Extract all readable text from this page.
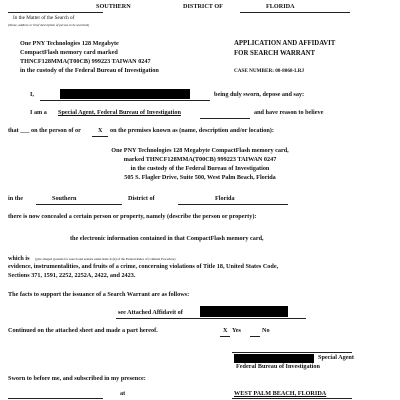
SOUTHERN	DISTRICT OF	FLORIDA
In the Matter of the Search of
(Name, address or brief description of person to be searched)
One PNY Technologies 128 Megabyte
CompactFlash memory card marked
THNCF128MMA(T00CB) 999223 TAIWAN 0247
in the custody of the Federal Bureau of Investigation
APPLICATION AND AFFIDAVIT
FOR SEARCH WARRANT
CASE NUMBER: 08-8068-LRJ
I,	being duly sworn, depose and say:
I am a Special Agent, Federal Bureau of Investigation	and have reason to believe
that ___ on the person of or	X on the premises known as (name, description and/or location):
One PNY Technologies 128 Megabyte CompactFlash memory card,
marked THNCF128MMA(T00CB) 999223 TAIWAN 0247
in the custody of the Federal Bureau of Investigation
505 S. Flagler Drive, Suite 500, West Palm Beach, Florida
in the	Southern	District of	Florida
there is now concealed a certain person or property, namely (describe the person or property):
the electronic information contained in that CompactFlash memory card,
which is (give alleged grounds for search and seizure under Rule 41(b) of the Federal Rules of Criminal Procedure)
evidence, instrumentalities, and fruits of a crime, concerning violations of Title 18, United States Code,
Sections 371, 1591, 2252, 2252A, 2422, and 2423.
The facts to support the issuance of a Search Warrant are as follows:
see Attached Affidavit of
Continued on the attached sheet and made a part hereof.	X Yes	No
Special Agent
Federal Bureau of Investigation
Sworn to before me, and subscribed in my presence:
at	WEST PALM BEACH, FLORIDA
